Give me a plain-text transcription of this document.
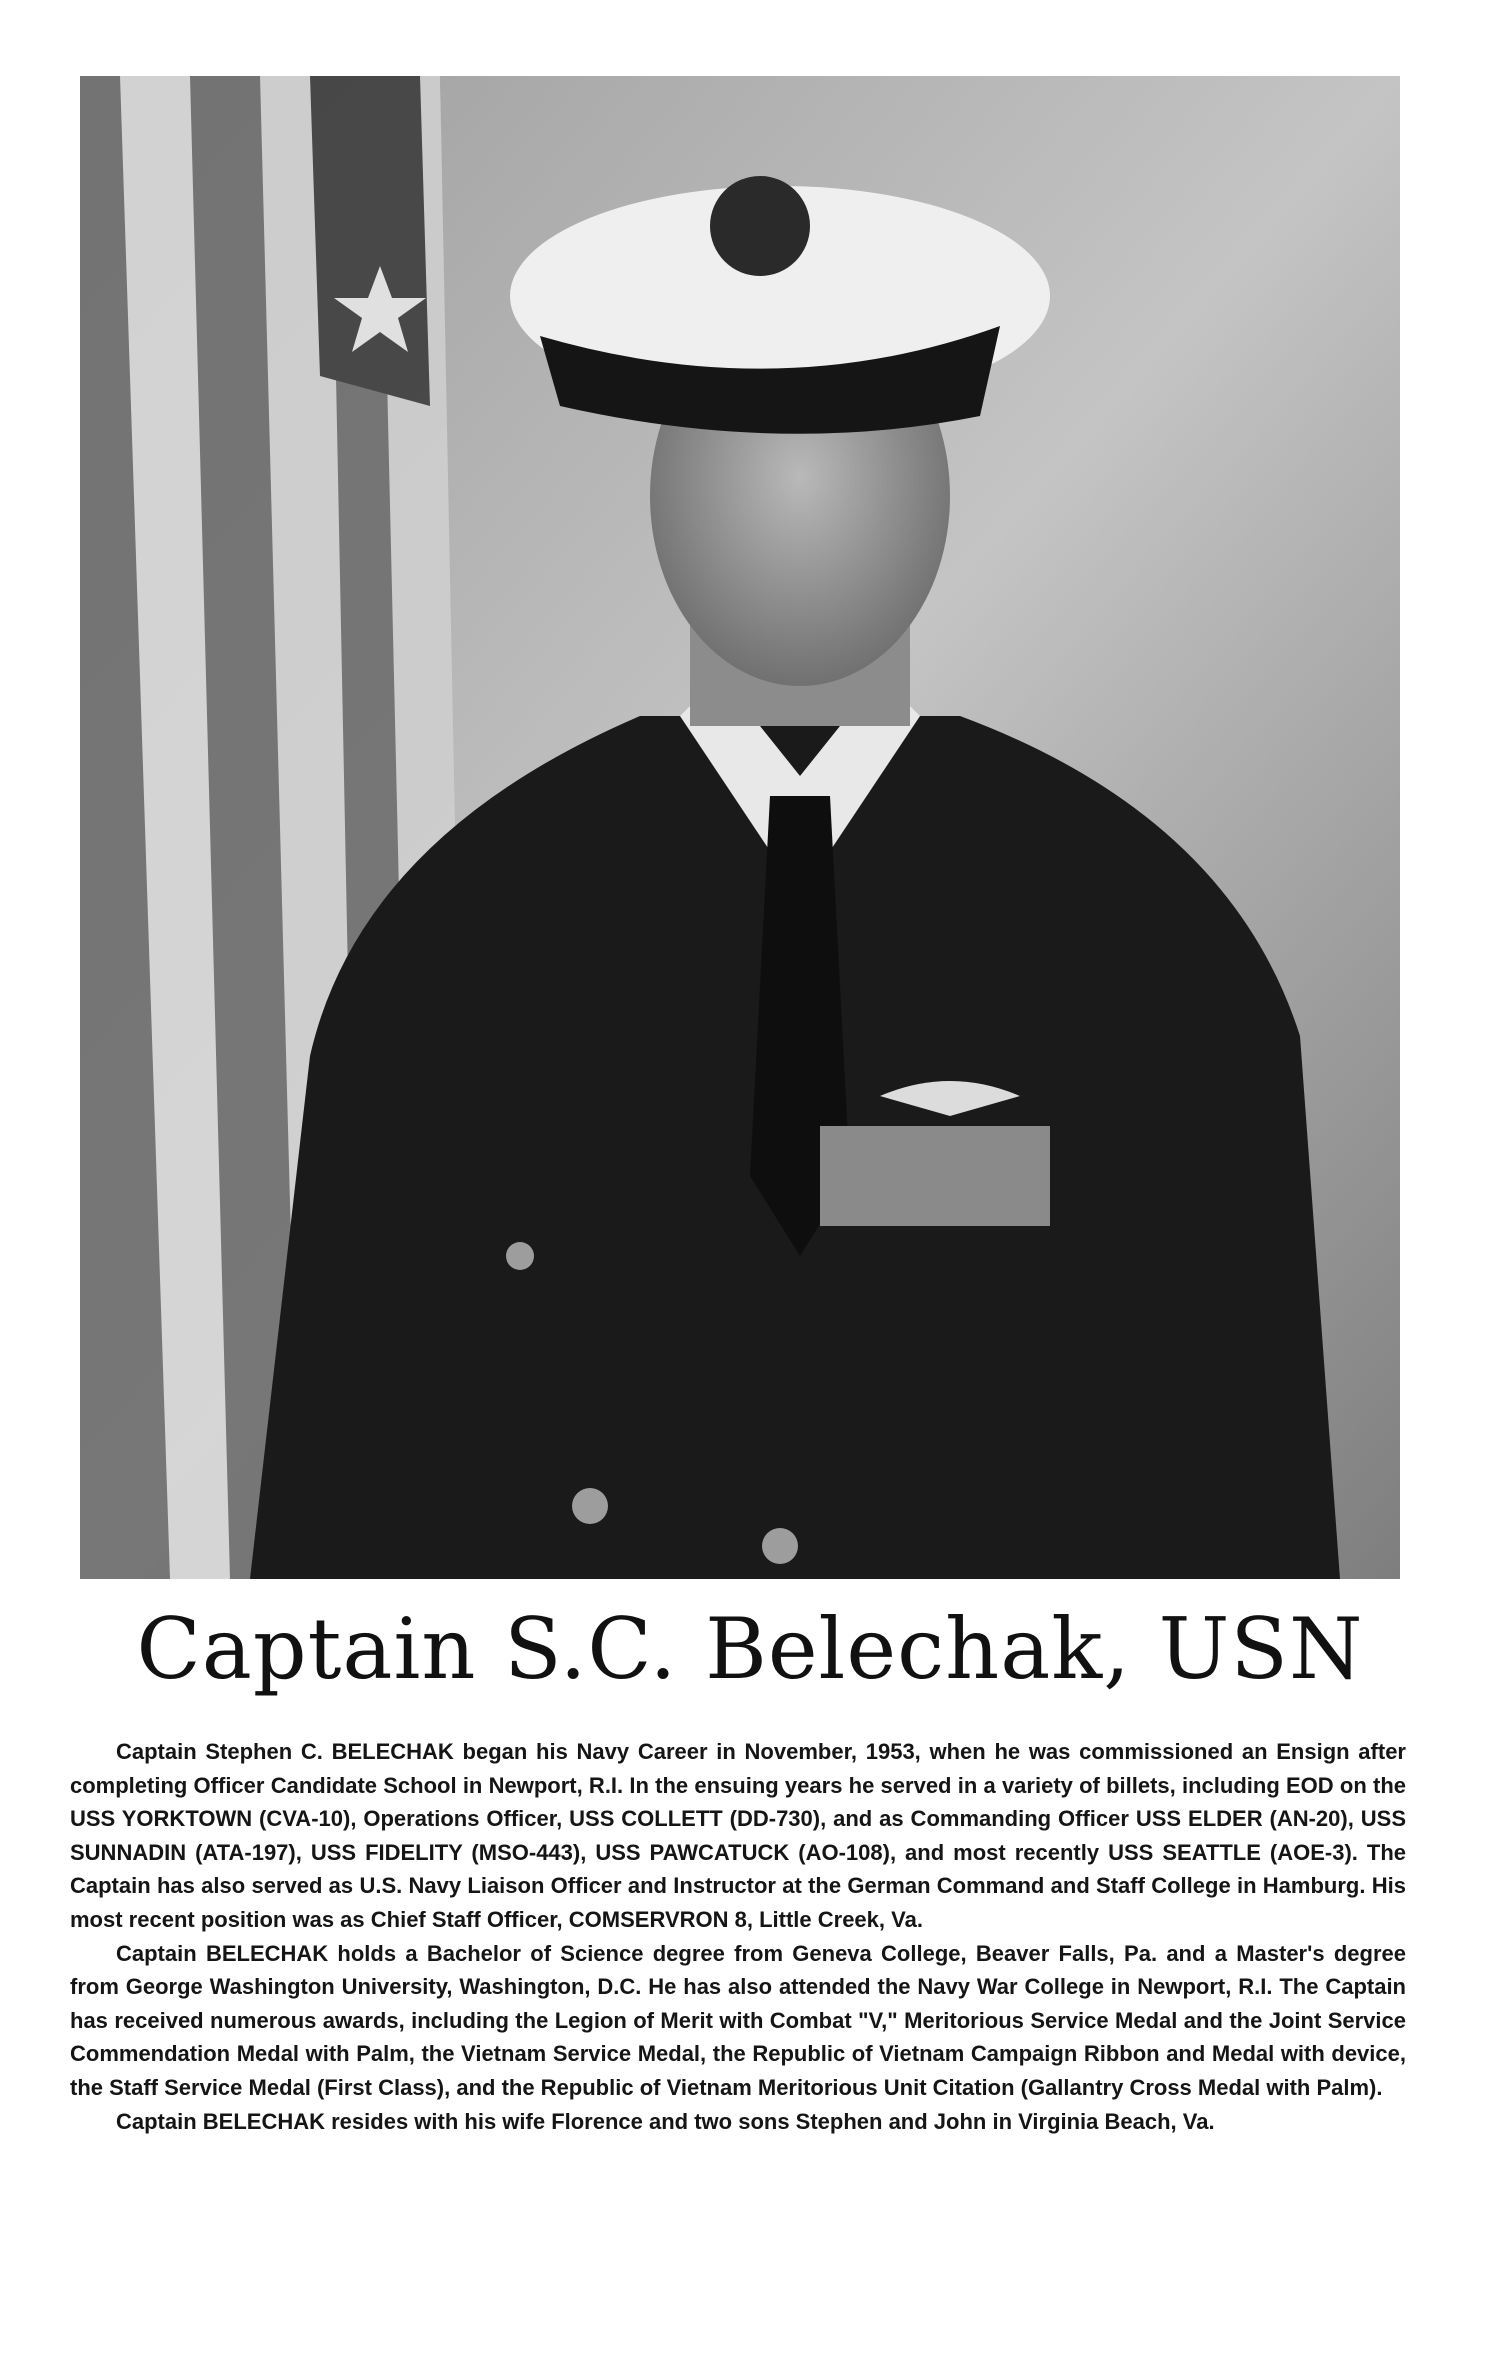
Captain S.C. Belechak, USN

Captain Stephen C. BELECHAK began his Navy Career in November, 1953, when he was commissioned an Ensign after completing Officer Candidate School in Newport, R.I. In the ensuing years he served in a variety of billets, including EOD on the USS YORKTOWN (CVA-10), Operations Officer, USS COLLETT (DD-730), and as Commanding Officer USS ELDER (AN-20), USS SUNNADIN (ATA-197), USS FIDELITY (MSO-443), USS PAWCATUCK (AO-108), and most recently USS SEATTLE (AOE-3). The Captain has also served as U.S. Navy Liaison Officer and Instructor at the German Command and Staff College in Hamburg. His most recent position was as Chief Staff Officer, COMSERVRON 8, Little Creek, Va.

Captain BELECHAK holds a Bachelor of Science degree from Geneva College, Beaver Falls, Pa. and a Master's degree from George Washington University, Washington, D.C. He has also attended the Navy War College in Newport, R.I. The Captain has received numerous awards, including the Legion of Merit with Combat "V," Meritorious Service Medal and the Joint Service Commendation Medal with Palm, the Vietnam Service Medal, the Republic of Vietnam Campaign Ribbon and Medal with device, the Staff Service Medal (First Class), and the Republic of Vietnam Meritorious Unit Citation (Gallantry Cross Medal with Palm).

Captain BELECHAK resides with his wife Florence and two sons Stephen and John in Virginia Beach, Va.
